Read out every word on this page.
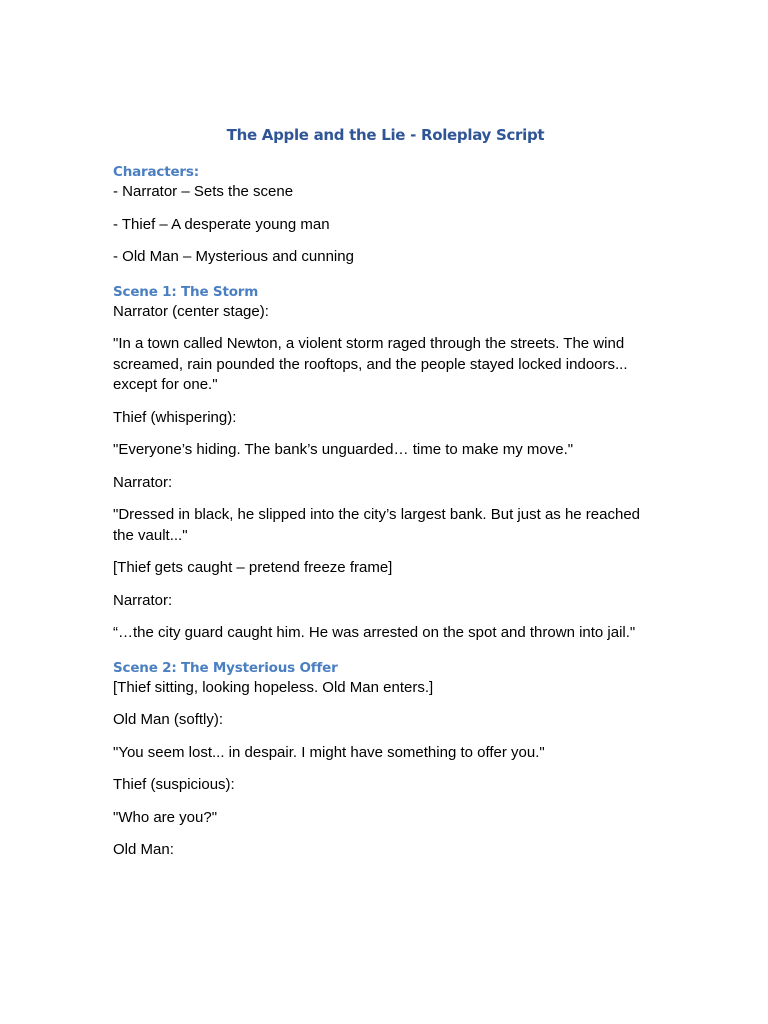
The Apple and the Lie - Roleplay Script
Characters:
- Narrator – Sets the scene
- Thief – A desperate young man
- Old Man – Mysterious and cunning
Scene 1: The Storm
Narrator (center stage):
"In a town called Newton, a violent storm raged through the streets. The wind screamed, rain pounded the rooftops, and the people stayed locked indoors... except for one."
Thief (whispering):
"Everyone’s hiding. The bank’s unguarded… time to make my move."
Narrator:
"Dressed in black, he slipped into the city’s largest bank. But just as he reached the vault..."
[Thief gets caught – pretend freeze frame]
Narrator:
“…the city guard caught him. He was arrested on the spot and thrown into jail."
Scene 2: The Mysterious Offer
[Thief sitting, looking hopeless. Old Man enters.]
Old Man (softly):
"You seem lost... in despair. I might have something to offer you."
Thief (suspicious):
"Who are you?"
Old Man:
